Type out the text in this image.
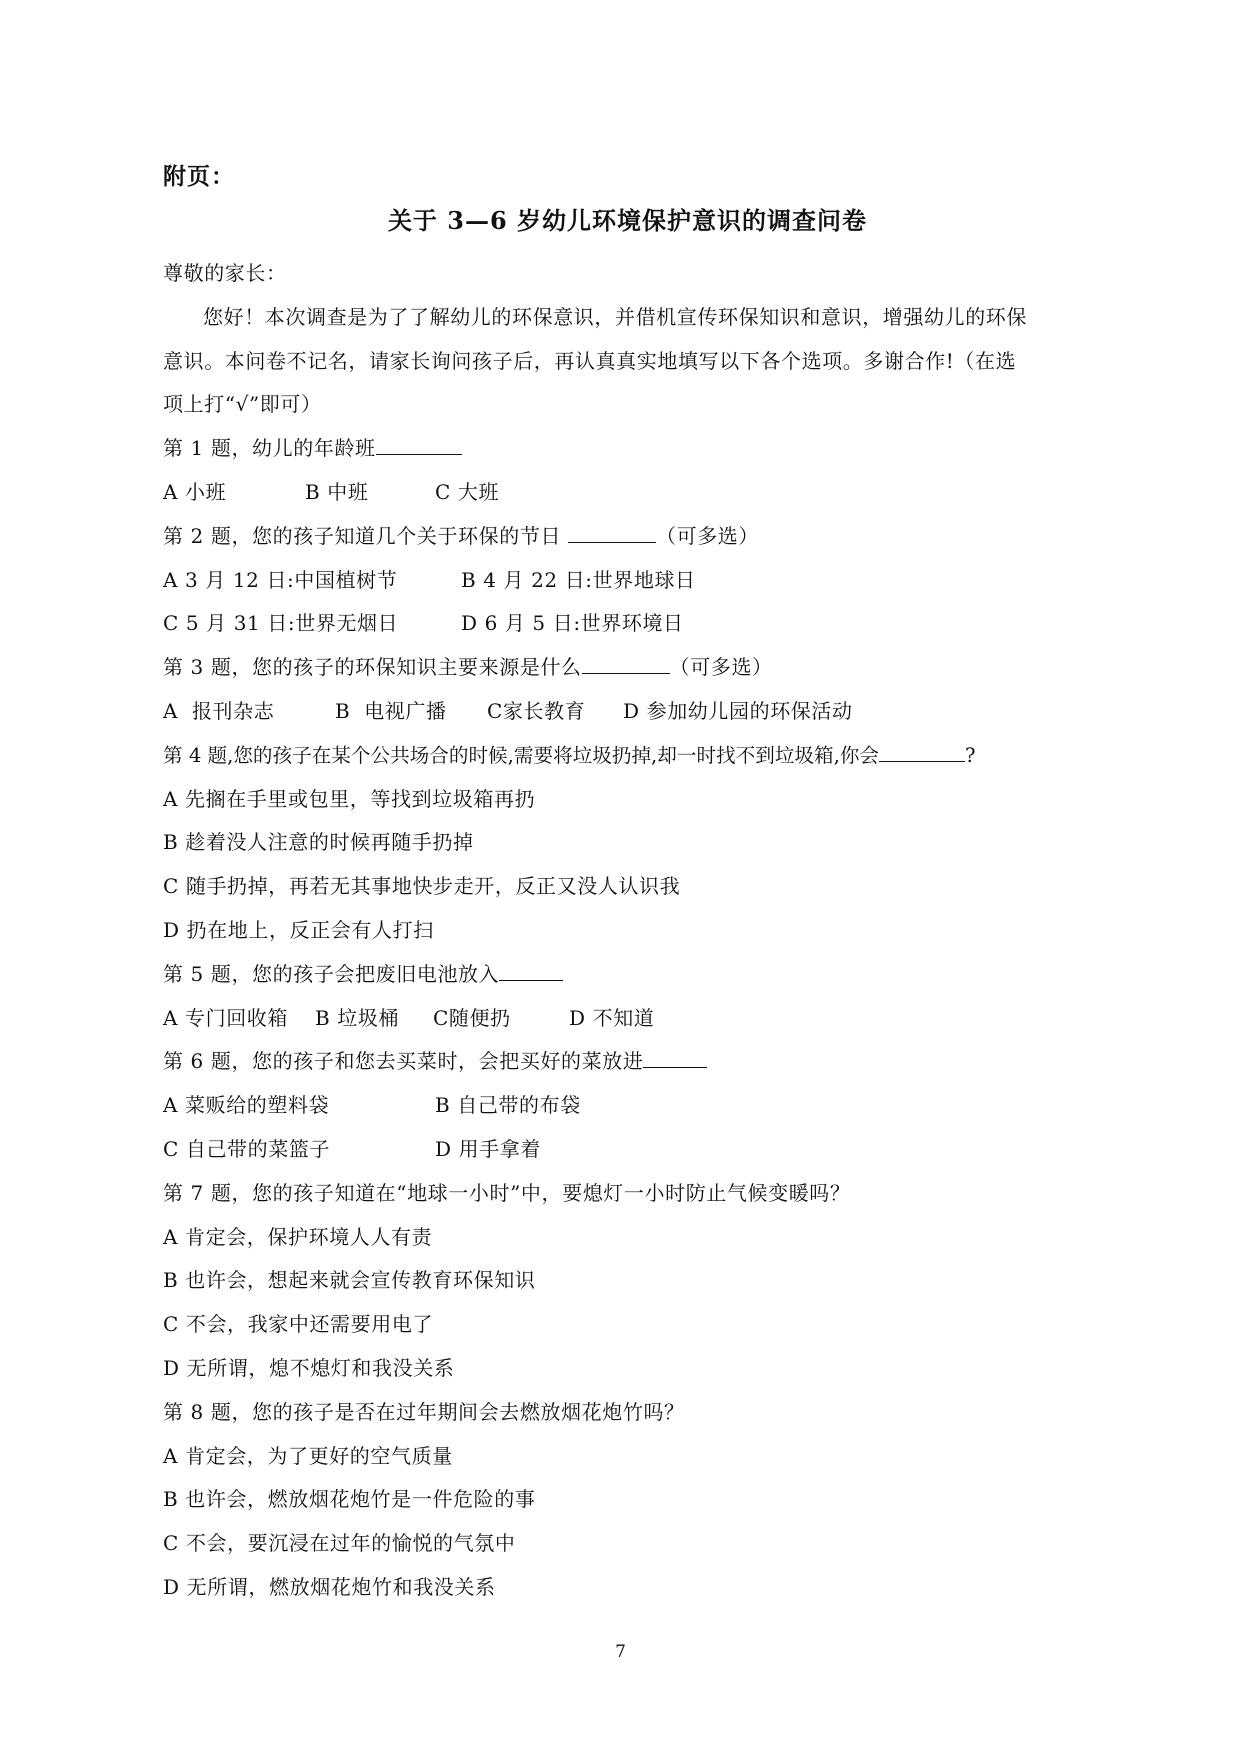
附页：
关于 3—6 岁幼儿环境保护意识的调查问卷
尊敬的家长：
您好！本次调查是为了了解幼儿的环保意识，并借机宣传环保知识和意识，增强幼儿的环保
意识。本问卷不记名，请家长询问孩子后，再认真真实地填写以下各个选项。多谢合作!（在选
项上打“√”即可）
第 1 题，幼儿的年龄班
A 小班	B 中班	C 大班
第 2 题，您的孩子知道几个关于环保的节日	（可多选）
A 3 月 12 日:中国植树节	B 4 月 22 日:世界地球日
C 5 月 31 日:世界无烟日	D 6 月 5 日:世界环境日
第 3 题，您的孩子的环保知识主要来源是什么	（可多选）
A  报刊杂志	B  电视广播 C家长教育 D 参加幼儿园的环保活动
第 4 题,您的孩子在某个公共场合的时候,需要将垃圾扔掉,却一时找不到垃圾箱,你会	?
A 先搁在手里或包里，等找到垃圾箱再扔
B 趁着没人注意的时候再随手扔掉
C 随手扔掉，再若无其事地快步走开，反正又没人认识我
D 扔在地上，反正会有人打扫
第 5 题，您的孩子会把废旧电池放入
A 专门回收箱 B 垃圾桶 C随便扔	D 不知道
第 6 题，您的孩子和您去买菜时，会把买好的菜放进
A 菜贩给的塑料袋	B 自己带的布袋
C 自己带的菜篮子	D 用手拿着
第 7 题，您的孩子知道在“地球一小时”中，要熄灯一小时防止气候变暖吗？
A 肯定会，保护环境人人有责
B 也许会，想起来就会宣传教育环保知识
C 不会，我家中还需要用电了
D 无所谓，熄不熄灯和我没关系
第 8 题，您的孩子是否在过年期间会去燃放烟花炮竹吗？
A 肯定会，为了更好的空气质量
B 也许会，燃放烟花炮竹是一件危险的事
C 不会，要沉浸在过年的愉悦的气氛中
D 无所谓，燃放烟花炮竹和我没关系
7
